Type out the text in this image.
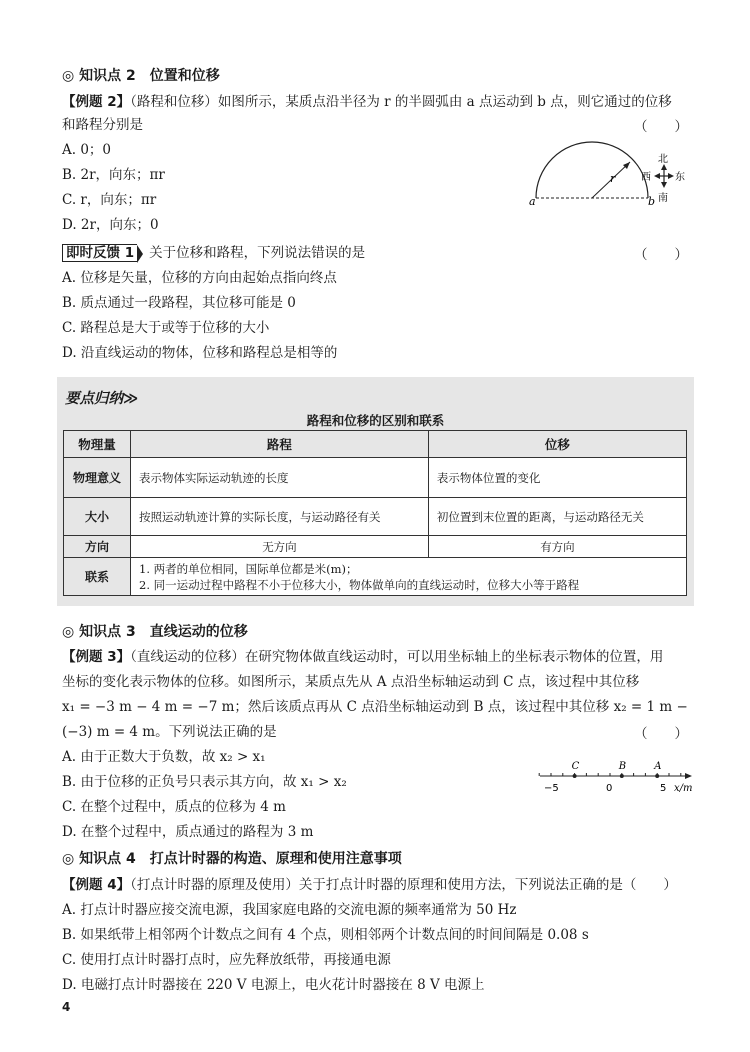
◎ 知识点 2　位置和位移
【例题 2】（路程和位移）如图所示，某质点沿半径为 r 的半圆弧由 a 点运动到 b 点，则它通过的位移
和路程分别是	（　　）
A. 0；0
B. 2r，向东；πr
C. r，向东；πr
D. 2r，向东；0
r
a	b
北
南
东
西
即时反馈 1 关于位移和路程，下列说法错误的是	（　　）
A. 位移是矢量，位移的方向由起始点指向终点
B. 质点通过一段路程，其位移可能是 0
C. 路程总是大于或等于位移的大小
D. 沿直线运动的物体，位移和路程总是相等的
要点归纳≫
路程和位移的区别和联系
物理量	路程	位移
物理意义	表示物体实际运动轨迹的长度	表示物体位置的变化
大小	按照运动轨迹计算的实际长度，与运动路径有关	初位置到末位置的距离，与运动路径无关
方向	无方向	有方向
联系	1. 两者的单位相同，国际单位都是米(m)；
2. 同一运动过程中路程不小于位移大小，物体做单向的直线运动时，位移大小等于路程	
◎ 知识点 3　直线运动的位移
【例题 3】（直线运动的位移）在研究物体做直线运动时，可以用坐标轴上的坐标表示物体的位置，用
坐标的变化表示物体的位移。如图所示，某质点先从 A 点沿坐标轴运动到 C 点，该过程中其位移
x₁ = −3 m − 4 m = −7 m；然后该质点再从 C 点沿坐标轴运动到 B 点，该过程中其位移 x₂ = 1 m −
(−3) m = 4 m。下列说法正确的是	（　　）
A. 由于正数大于负数，故 x₂ > x₁
B. 由于位移的正负号只表示其方向，故 x₁ > x₂
C. 在整个过程中，质点的位移为 4 m
D. 在整个过程中，质点通过的路程为 3 m
C	B	A
−5	0	5 x/m
◎ 知识点 4　打点计时器的构造、原理和使用注意事项
【例题 4】（打点计时器的原理及使用）关于打点计时器的原理和使用方法，下列说法正确的是（　　）
A. 打点计时器应接交流电源，我国家庭电路的交流电源的频率通常为 50 Hz
B. 如果纸带上相邻两个计数点之间有 4 个点，则相邻两个计数点间的时间间隔是 0.08 s
C. 使用打点计时器打点时，应先释放纸带，再接通电源
D. 电磁打点计时器接在 220 V 电源上，电火花计时器接在 8 V 电源上
4
